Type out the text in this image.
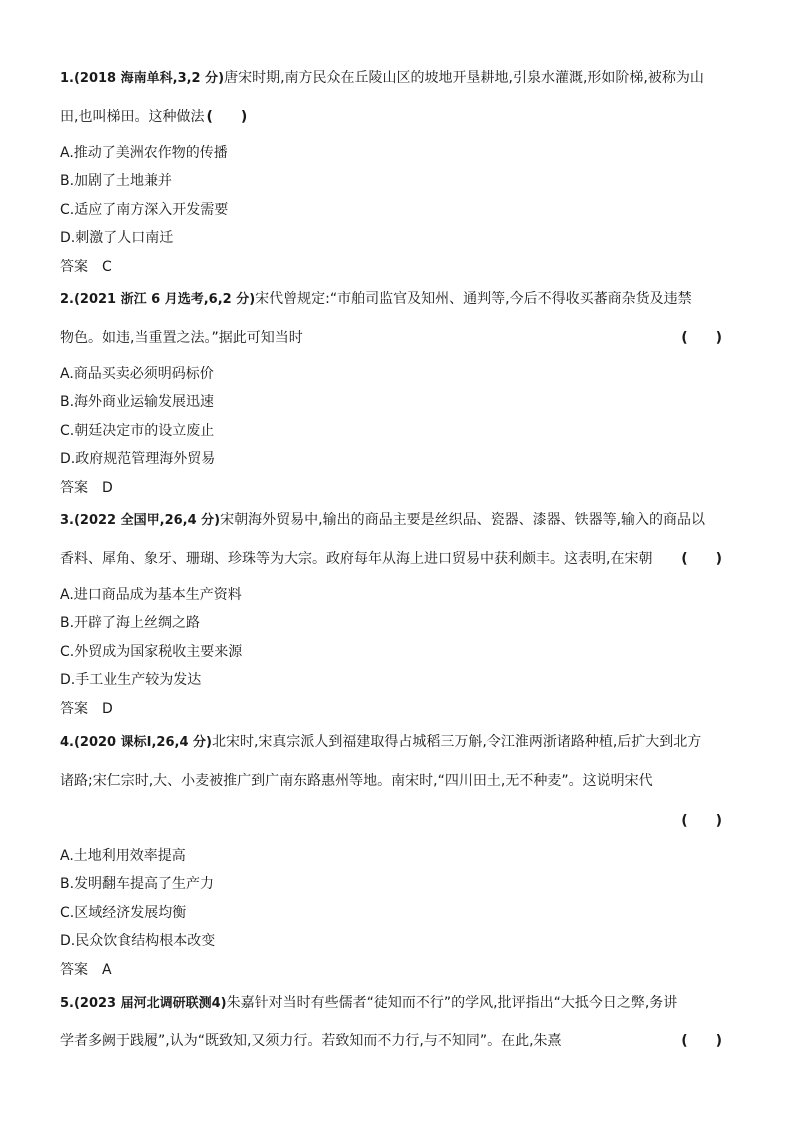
1.(2018 海南单科,3,2 分)唐宋时期,南方民众在丘陵山区的坡地开垦耕地,引泉水灌溉,形如阶梯,被称为山
田,也叫梯田。这种做法 (　　)
A.推动了美洲农作物的传播
B.加剧了土地兼并
C.适应了南方深入开发需要
D.刺激了人口南迁
答案 C
2.(2021 浙江 6 月选考,6,2 分)宋代曾规定:“市舶司监官及知州、通判等,今后不得收买蕃商杂货及违禁
物色。如违,当重置之法。”据此可知当时	(　　)
A.商品买卖必须明码标价
B.海外商业运输发展迅速
C.朝廷决定市的设立废止
D.政府规范管理海外贸易
答案 D
3.(2022 全国甲,26,4 分)宋朝海外贸易中,输出的商品主要是丝织品、瓷器、漆器、铁器等,输入的商品以
香料、犀角、象牙、珊瑚、珍珠等为大宗。政府每年从海上进口贸易中获利颇丰。这表明,在宋朝 (　　)
A.进口商品成为基本生产资料
B.开辟了海上丝绸之路
C.外贸成为国家税收主要来源
D.手工业生产较为发达
答案 D
4.(2020 课标Ⅰ,26,4 分)北宋时,宋真宗派人到福建取得占城稻三万斛,令江淮两浙诸路种植,后扩大到北方
诸路;宋仁宗时,大、小麦被推广到广南东路惠州等地。南宋时,“四川田土,无不种麦”。这说明宋代
(　　)
A.土地利用效率提高
B.发明翻车提高了生产力
C.区域经济发展均衡
D.民众饮食结构根本改变
答案 A
5.(2023 届河北调研联测4)朱嘉针对当时有些儒者“徒知而不行”的学风,批评指出“大抵今日之弊,务讲
学者多阙于践履”,认为“既致知,又须力行。若致知而不力行,与不知同”。在此,朱熹	(　　)
